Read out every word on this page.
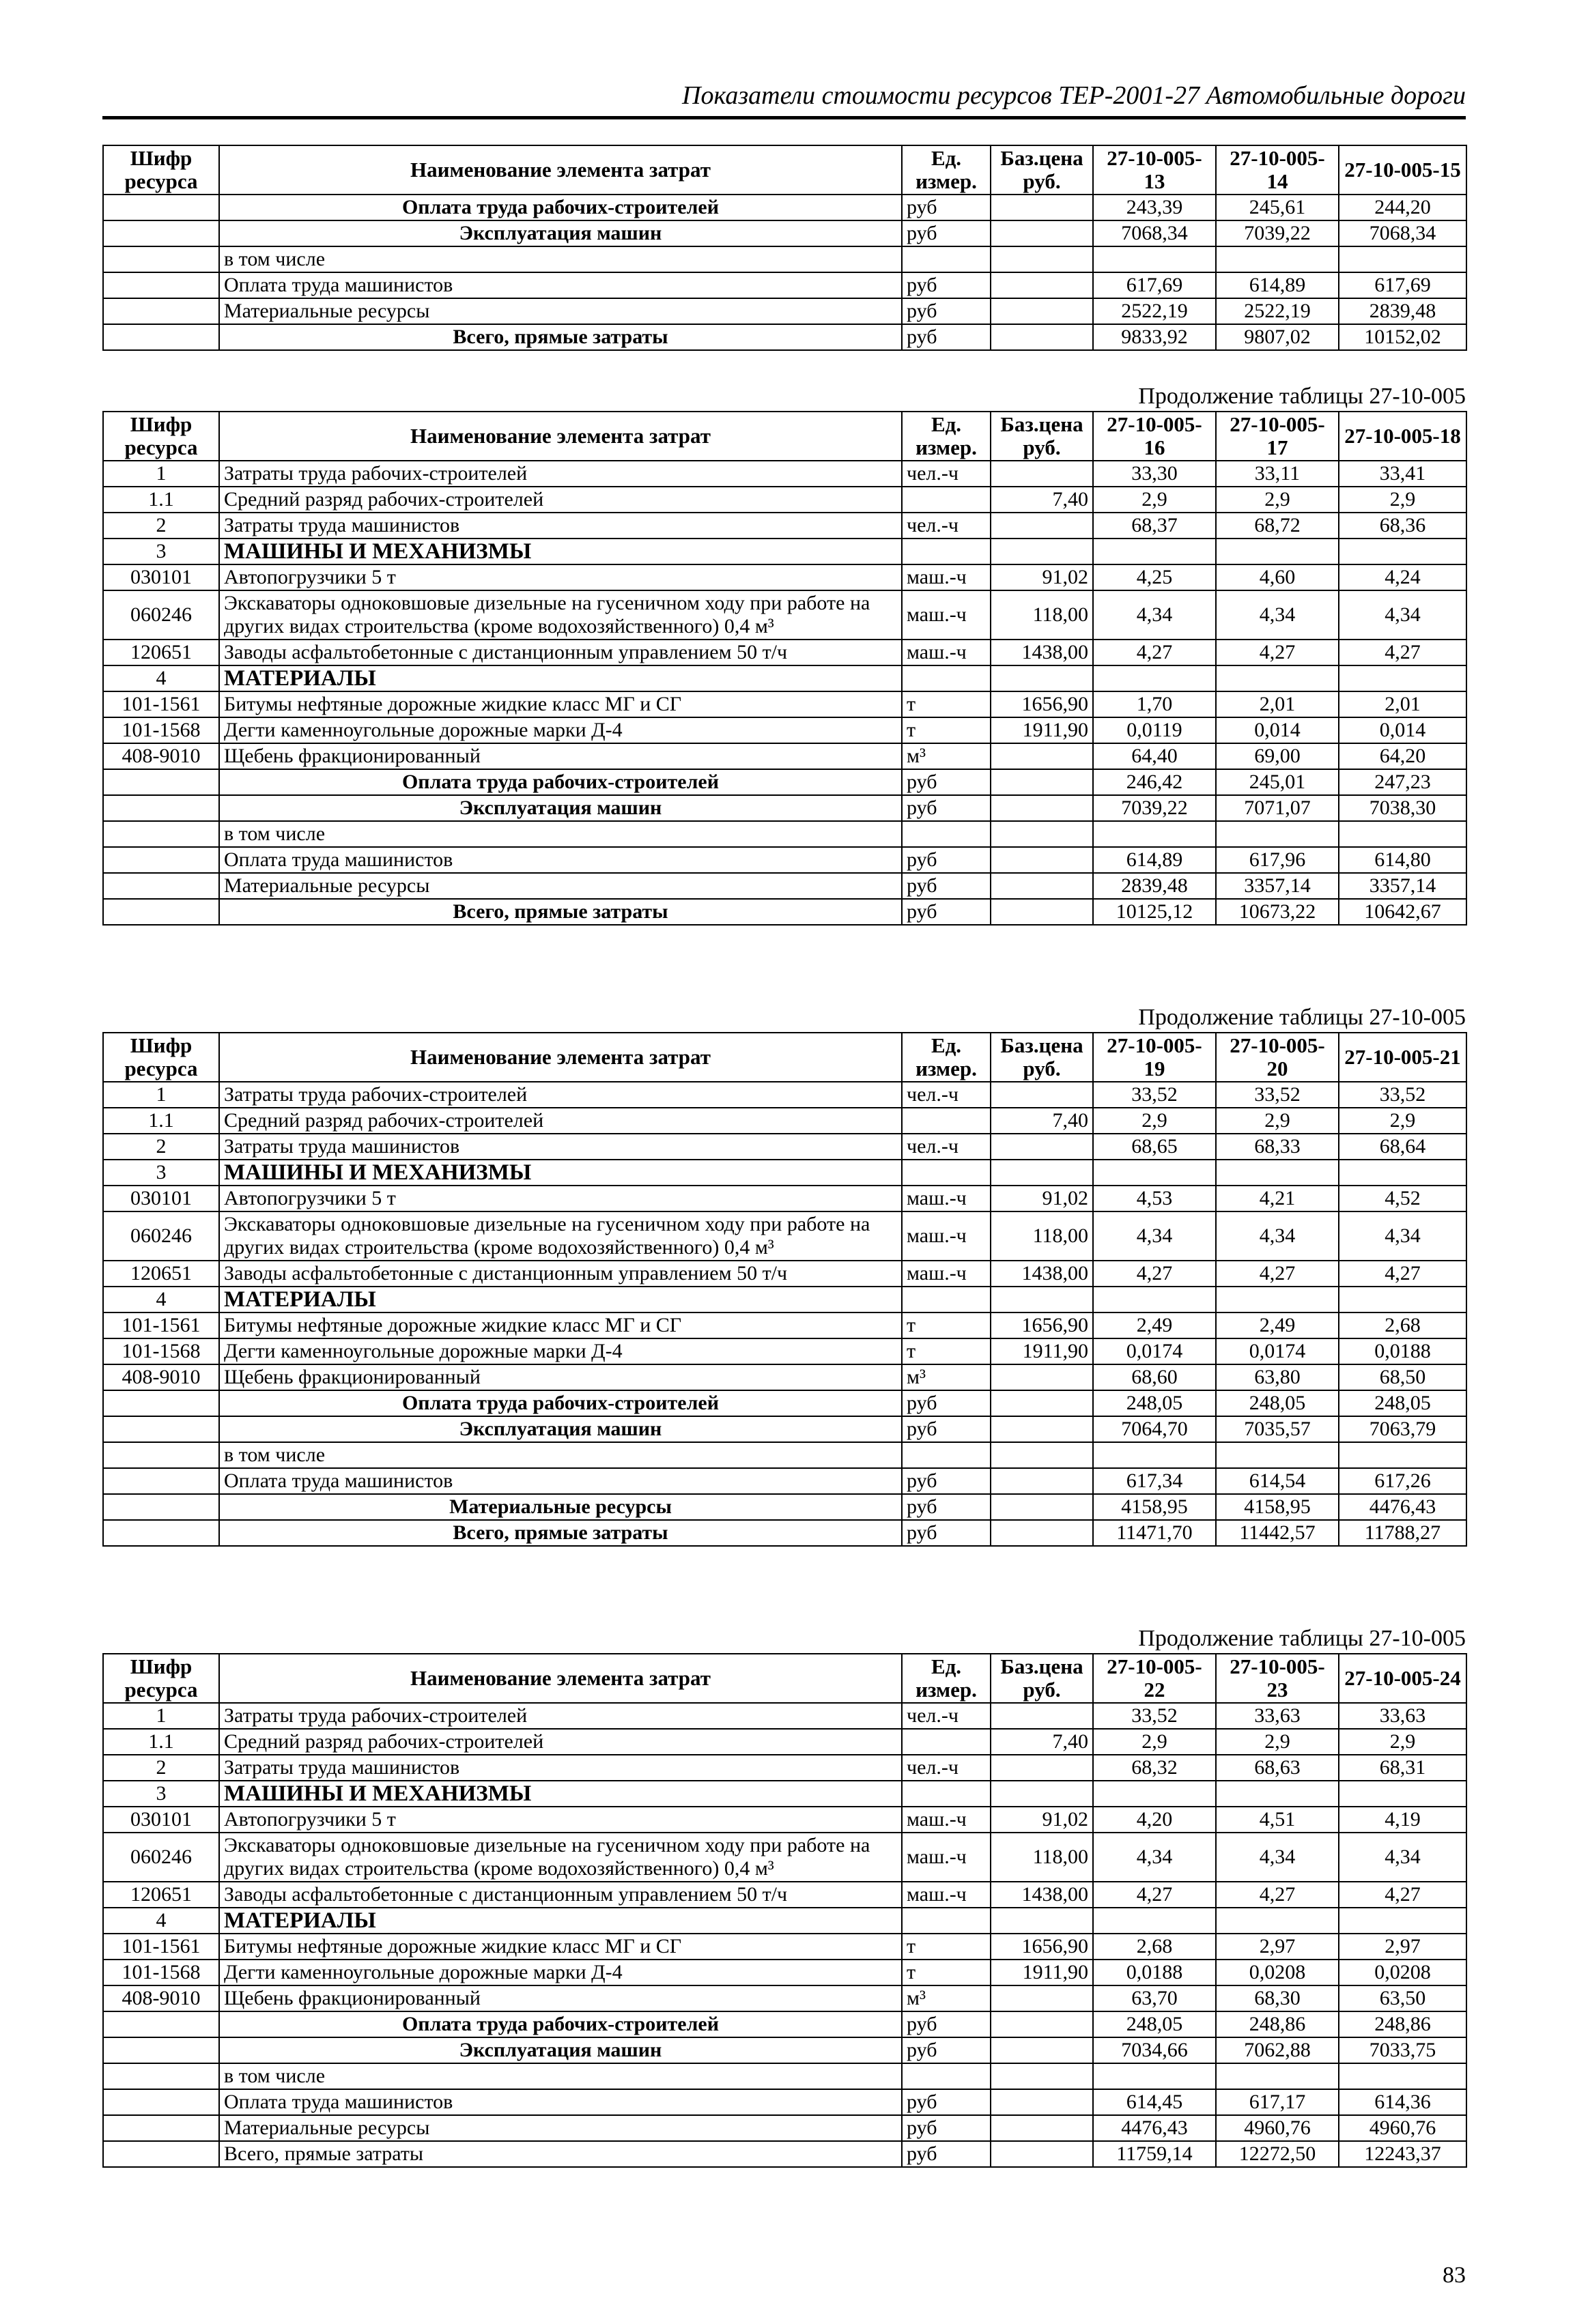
Показатели стоимости ресурсов ТЕР-2001-27 Автомобильные дороги
Шифр ресурса	Наименование элемента затрат	Ед. измер.	Баз.цена руб.	27-10-005-13	27-10-005-14	27-10-005-15
	Оплата труда рабочих-строителей	руб		243,39	245,61	244,20
	Эксплуатация машин	руб		7068,34	7039,22	7068,34
	в том числе					
	Оплата труда машинистов	руб		617,69	614,89	617,69
	Материальные ресурсы	руб		2522,19	2522,19	2839,48
	Всего, прямые затраты	руб		9833,92	9807,02	10152,02
Продолжение таблицы 27-10-005
Шифр ресурса	Наименование элемента затрат	Ед. измер.	Баз.цена руб.	27-10-005-16	27-10-005-17	27-10-005-18
1	Затраты труда рабочих-строителей	чел.-ч		33,30	33,11	33,41
1.1	Средний разряд рабочих-строителей		7,40	2,9	2,9	2,9
2	Затраты труда машинистов	чел.-ч		68,37	68,72	68,36
3	МАШИНЫ И МЕХАНИЗМЫ					
030101	Автопогрузчики 5 т	маш.-ч	91,02	4,25	4,60	4,24
060246	Экскаваторы одноковшовые дизельные на гусеничном ходу при работе на других видах строительства (кроме водохозяйственного) 0,4 м³	маш.-ч	118,00	4,34	4,34	4,34
120651	Заводы асфальтобетонные с дистанционным управлением 50 т/ч	маш.-ч	1438,00	4,27	4,27	4,27
4	МАТЕРИАЛЫ					
101-1561	Битумы нефтяные дорожные жидкие класс МГ и СГ	т	1656,90	1,70	2,01	2,01
101-1568	Дегти каменноугольные дорожные марки Д-4	т	1911,90	0,0119	0,014	0,014
408-9010	Щебень фракционированный	м³		64,40	69,00	64,20
	Оплата труда рабочих-строителей	руб		246,42	245,01	247,23
	Эксплуатация машин	руб		7039,22	7071,07	7038,30
	в том числе					
	Оплата труда машинистов	руб		614,89	617,96	614,80
	Материальные ресурсы	руб		2839,48	3357,14	3357,14
	Всего, прямые затраты	руб		10125,12	10673,22	10642,67
Продолжение таблицы 27-10-005
Шифр ресурса	Наименование элемента затрат	Ед. измер.	Баз.цена руб.	27-10-005-19	27-10-005-20	27-10-005-21
1	Затраты труда рабочих-строителей	чел.-ч		33,52	33,52	33,52
1.1	Средний разряд рабочих-строителей		7,40	2,9	2,9	2,9
2	Затраты труда машинистов	чел.-ч		68,65	68,33	68,64
3	МАШИНЫ И МЕХАНИЗМЫ					
030101	Автопогрузчики 5 т	маш.-ч	91,02	4,53	4,21	4,52
060246	Экскаваторы одноковшовые дизельные на гусеничном ходу при работе на других видах строительства (кроме водохозяйственного) 0,4 м³	маш.-ч	118,00	4,34	4,34	4,34
120651	Заводы асфальтобетонные с дистанционным управлением 50 т/ч	маш.-ч	1438,00	4,27	4,27	4,27
4	МАТЕРИАЛЫ					
101-1561	Битумы нефтяные дорожные жидкие класс МГ и СГ	т	1656,90	2,49	2,49	2,68
101-1568	Дегти каменноугольные дорожные марки Д-4	т	1911,90	0,0174	0,0174	0,0188
408-9010	Щебень фракционированный	м³		68,60	63,80	68,50
	Оплата труда рабочих-строителей	руб		248,05	248,05	248,05
	Эксплуатация машин	руб		7064,70	7035,57	7063,79
	в том числе					
	Оплата труда машинистов	руб		617,34	614,54	617,26
	Материальные ресурсы	руб		4158,95	4158,95	4476,43
	Всего, прямые затраты	руб		11471,70	11442,57	11788,27
Продолжение таблицы 27-10-005
Шифр ресурса	Наименование элемента затрат	Ед. измер.	Баз.цена руб.	27-10-005-22	27-10-005-23	27-10-005-24
1	Затраты труда рабочих-строителей	чел.-ч		33,52	33,63	33,63
1.1	Средний разряд рабочих-строителей		7,40	2,9	2,9	2,9
2	Затраты труда машинистов	чел.-ч		68,32	68,63	68,31
3	МАШИНЫ И МЕХАНИЗМЫ					
030101	Автопогрузчики 5 т	маш.-ч	91,02	4,20	4,51	4,19
060246	Экскаваторы одноковшовые дизельные на гусеничном ходу при работе на других видах строительства (кроме водохозяйственного) 0,4 м³	маш.-ч	118,00	4,34	4,34	4,34
120651	Заводы асфальтобетонные с дистанционным управлением 50 т/ч	маш.-ч	1438,00	4,27	4,27	4,27
4	МАТЕРИАЛЫ					
101-1561	Битумы нефтяные дорожные жидкие класс МГ и СГ	т	1656,90	2,68	2,97	2,97
101-1568	Дегти каменноугольные дорожные марки Д-4	т	1911,90	0,0188	0,0208	0,0208
408-9010	Щебень фракционированный	м³		63,70	68,30	63,50
	Оплата труда рабочих-строителей	руб		248,05	248,86	248,86
	Эксплуатация машин	руб		7034,66	7062,88	7033,75
	в том числе					
	Оплата труда машинистов	руб		614,45	617,17	614,36
	Материальные ресурсы	руб		4476,43	4960,76	4960,76
	Всего, прямые затраты	руб		11759,14	12272,50	12243,37
83
